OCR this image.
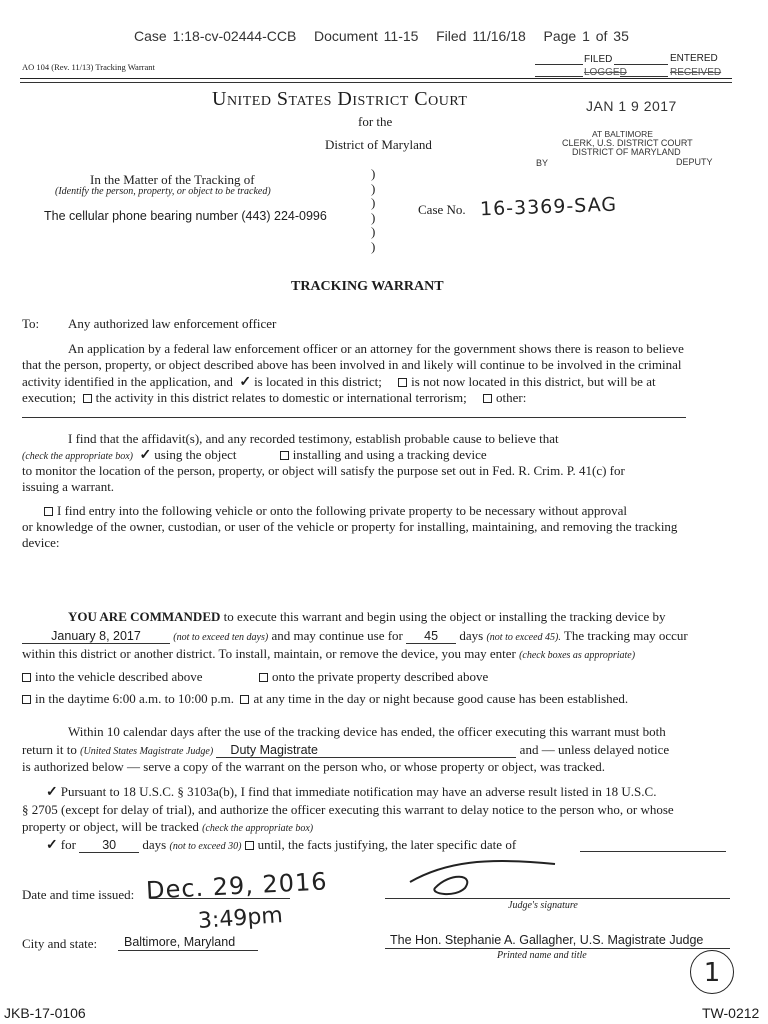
Case 1:18-cv-02444-CCB Document 11-15 Filed 11/16/18 Page 1 of 35
AO 104 (Rev. 11/13) Tracking Warrant
FILED	ENTERED
LOGGED	RECEIVED
United States District Court
for the
District of Maryland
JAN 1 9 2017
AT BALTIMORE
CLERK, U.S. DISTRICT COURT
DISTRICT OF MARYLAND
BY	DEPUTY
In the Matter of the Tracking of
(Identify the person, property, or object to be tracked)
The cellular phone bearing number (443) 224-0996
)
)
)
)
)
)
Case No. 16-3369-SAG
TRACKING WARRANT
To: Any authorized law enforcement officer
An application by a federal law enforcement officer or an attorney for the government shows there is reason to believe
that the person, property, or object described above has been involved in and likely will continue to be involved in the criminal
activity identified in the application, and ✓ is located in this district; is not now located in this district, but will be at
execution; the activity in this district relates to domestic or international terrorism; other:
I find that the affidavit(s), and any recorded testimony, establish probable cause to believe that
(check the appropriate box) ✓ using the object	installing and using a tracking device
to monitor the location of the person, property, or object will satisfy the purpose set out in Fed. R. Crim. P. 41(c) for
issuing a warrant.
I find entry into the following vehicle or onto the following private property to be necessary without approval
or knowledge of the owner, custodian, or user of the vehicle or property for installing, maintaining, and removing the tracking
device:
YOU ARE COMMANDED to execute this warrant and begin using the object or installing the tracking device by
January 8, 2017	(not to exceed ten days) and may continue use for 45 days (not to exceed 45). The tracking may occur
within this district or another district. To install, maintain, or remove the device, you may enter (check boxes as appropriate)
into the vehicle described above	onto the private property described above
in the daytime 6:00 a.m. to 10:00 p.m. at any time in the day or night because good cause has been established.
Within 10 calendar days after the use of the tracking device has ended, the officer executing this warrant must both
return it to (United States Magistrate Judge) Duty Magistrate	and — unless delayed notice
is authorized below — serve a copy of the warrant on the person who, or whose property or object, was tracked.
✓ Pursuant to 18 U.S.C. § 3103a(b), I find that immediate notification may have an adverse result listed in 18 U.S.C.
§ 2705 (except for delay of trial), and authorize the officer executing this warrant to delay notice to the person who, or whose
property or object, will be tracked (check the appropriate box)
✓ for 30 days (not to exceed 30) until, the facts justifying, the later specific date of
Date and time issued: Dec. 29, 2016
3:49pm	Judge's signature
City and state: Baltimore, Maryland	The Hon. Stephanie A. Gallagher, U.S. Magistrate Judge
Printed name and title
JKB-17-0106	TW-0212
1
